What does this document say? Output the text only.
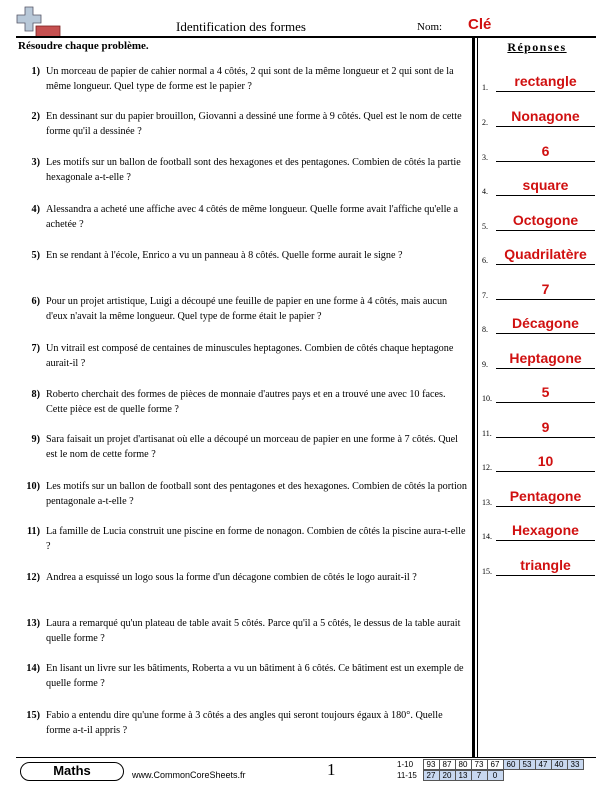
Identification des formes	Nom: Clé
Résoudre chaque problème.	Réponses
1) Un morceau de papier de cahier normal a 4 côtés, 2 qui sont de la même longueur et 2 qui sont de la même longueur. Quel type de forme est le papier ?
2) En dessinant sur du papier brouillon, Giovanni a dessiné une forme à 9 côtés. Quel est le nom de cette forme qu'il a dessinée ?
3) Les motifs sur un ballon de football sont des hexagones et des pentagones. Combien de côtés la partie hexagonale a-t-elle ?
4) Alessandra a acheté une affiche avec 4 côtés de même longueur. Quelle forme avait l'affiche qu'elle a achetée ?
5) En se rendant à l'école, Enrico a vu un panneau à 8 côtés. Quelle forme aurait le signe ?
6) Pour un projet artistique, Luigi a découpé une feuille de papier en une forme à 4 côtés, mais aucun d'eux n'avait la même longueur. Quel type de forme était le papier ?
7) Un vitrail est composé de centaines de minuscules heptagones. Combien de côtés chaque heptagone aurait-il ?
8) Roberto cherchait des formes de pièces de monnaie d'autres pays et en a trouvé une avec 10 faces. Cette pièce est de quelle forme ?
9) Sara faisait un projet d'artisanat où elle a découpé un morceau de papier en une forme à 7 côtés. Quel est le nom de cette forme ?
10) Les motifs sur un ballon de football sont des pentagones et des hexagones. Combien de côtés la portion pentagonale a-t-elle ?
11) La famille de Lucia construit une piscine en forme de nonagon. Combien de côtés la piscine aura-t-elle ?
12) Andrea a esquissé un logo sous la forme d'un décagone combien de côtés le logo aurait-il ?
13) Laura a remarqué qu'un plateau de table avait 5 côtés. Parce qu'il a 5 côtés, le dessus de la table aurait quelle forme ?
14) En lisant un livre sur les bâtiments, Roberta a vu un bâtiment à 6 côtés. Ce bâtiment est un exemple de quelle forme ?
15) Fabio a entendu dire qu'une forme à 3 côtés a des angles qui seront toujours égaux à 180°. Quelle forme a-t-il appris ?
1.	rectangle
2.	Nonagone
3.	6
4.	square
5.	Octogone
6.	Quadrilatère
7.	7
8.	Décagone
9.	Heptagone
10.	5
11.	9
12.	10
13.	Pentagone
14.	Hexagone
15.	triangle
Maths	www.CommonCoreSheets.fr	1	1-10	93	87	80	73	67	60	53	47	40	33
11-15	27	20	13	7	0
